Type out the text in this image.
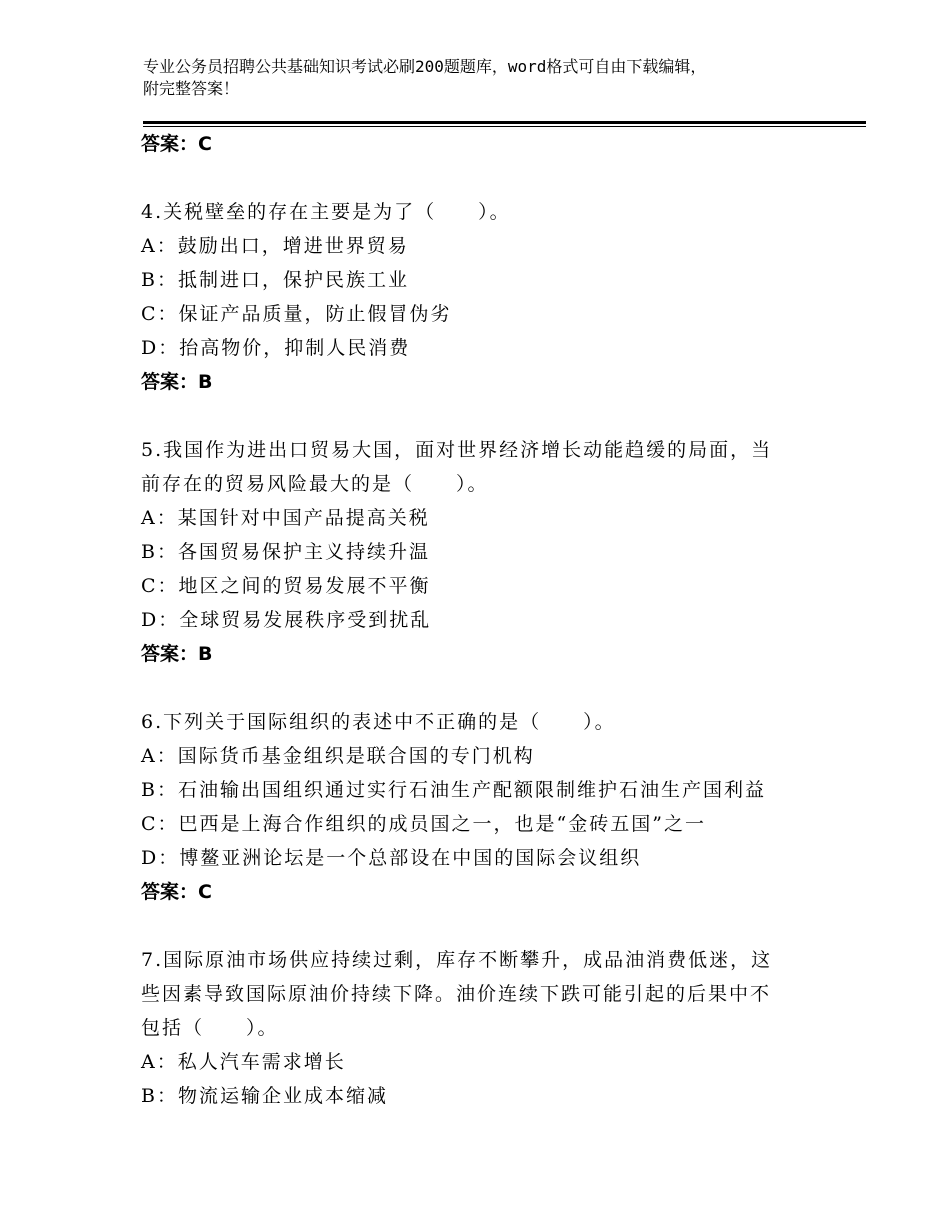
专业公务员招聘公共基础知识考试必刷200题题库，word格式可自由下载编辑，
附完整答案！
答案：C
4.关税壁垒的存在主要是为了（　　）。
A：鼓励出口，增进世界贸易
B：抵制进口，保护民族工业
C：保证产品质量，防止假冒伪劣
D：抬高物价，抑制人民消费
答案：B
5.我国作为进出口贸易大国，面对世界经济增长动能趋缓的局面，当
前存在的贸易风险最大的是（　　）。
A：某国针对中国产品提高关税
B：各国贸易保护主义持续升温
C：地区之间的贸易发展不平衡
D：全球贸易发展秩序受到扰乱
答案：B
6.下列关于国际组织的表述中不正确的是（　　）。
A：国际货币基金组织是联合国的专门机构
B：石油输出国组织通过实行石油生产配额限制维护石油生产国利益
C：巴西是上海合作组织的成员国之一，也是“金砖五国”之一
D：博鳌亚洲论坛是一个总部设在中国的国际会议组织
答案：C
7.国际原油市场供应持续过剩，库存不断攀升，成品油消费低迷，这
些因素导致国际原油价持续下降。油价连续下跌可能引起的后果中不
包括（　　）。
A：私人汽车需求增长
B：物流运输企业成本缩减
